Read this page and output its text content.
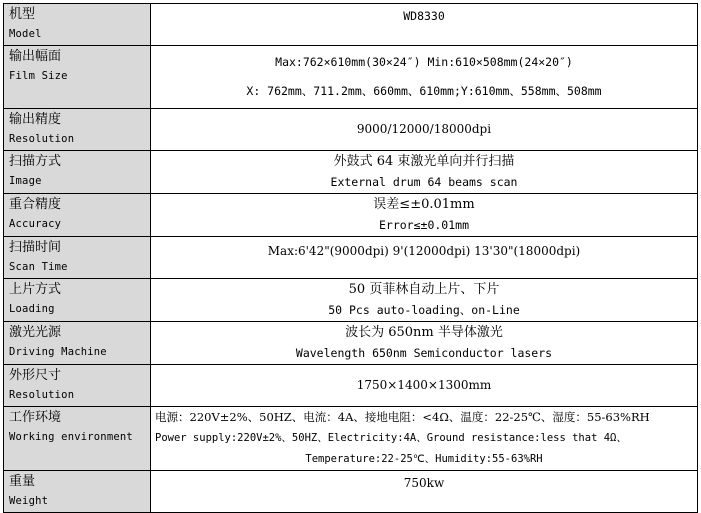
机型
Model	WD8330

输出幅面
Film Size	Max:762×610mm(30×24″) Min:610×508mm(24×20″)
X: 762mm、711.2mm、660mm、610mm;Y:610mm、558mm、508mm

输出精度
Resolution	9000/12000/18000dpi

扫描方式
Image	外鼓式 64 束激光单向并行扫描
External drum 64 beams scan

重合精度
Accuracy	误差≤±0.01mm
Error≤±0.01mm

扫描时间
Scan Time	Max:6'42"(9000dpi) 9'(12000dpi) 13'30"(18000dpi)

上片方式
Loading	50 页菲林自动上片、下片
50 Pcs auto-loading、on-Line

激光光源
Driving Machine	波长为 650nm 半导体激光
Wavelength 650nm Semiconductor lasers

外形尺寸
Resolution	1750×1400×1300mm

工作环境
Working environment	电源：220V±2%、50HZ、电流：4A、接地电阻：<4Ω、温度：22-25℃、湿度：55-63%RH
Power supply:220V±2%、50HZ、Electricity:4A、Ground resistance:less that 4Ω、
Temperature:22-25℃、Humidity:55-63%RH

重量
Weight	750kw
